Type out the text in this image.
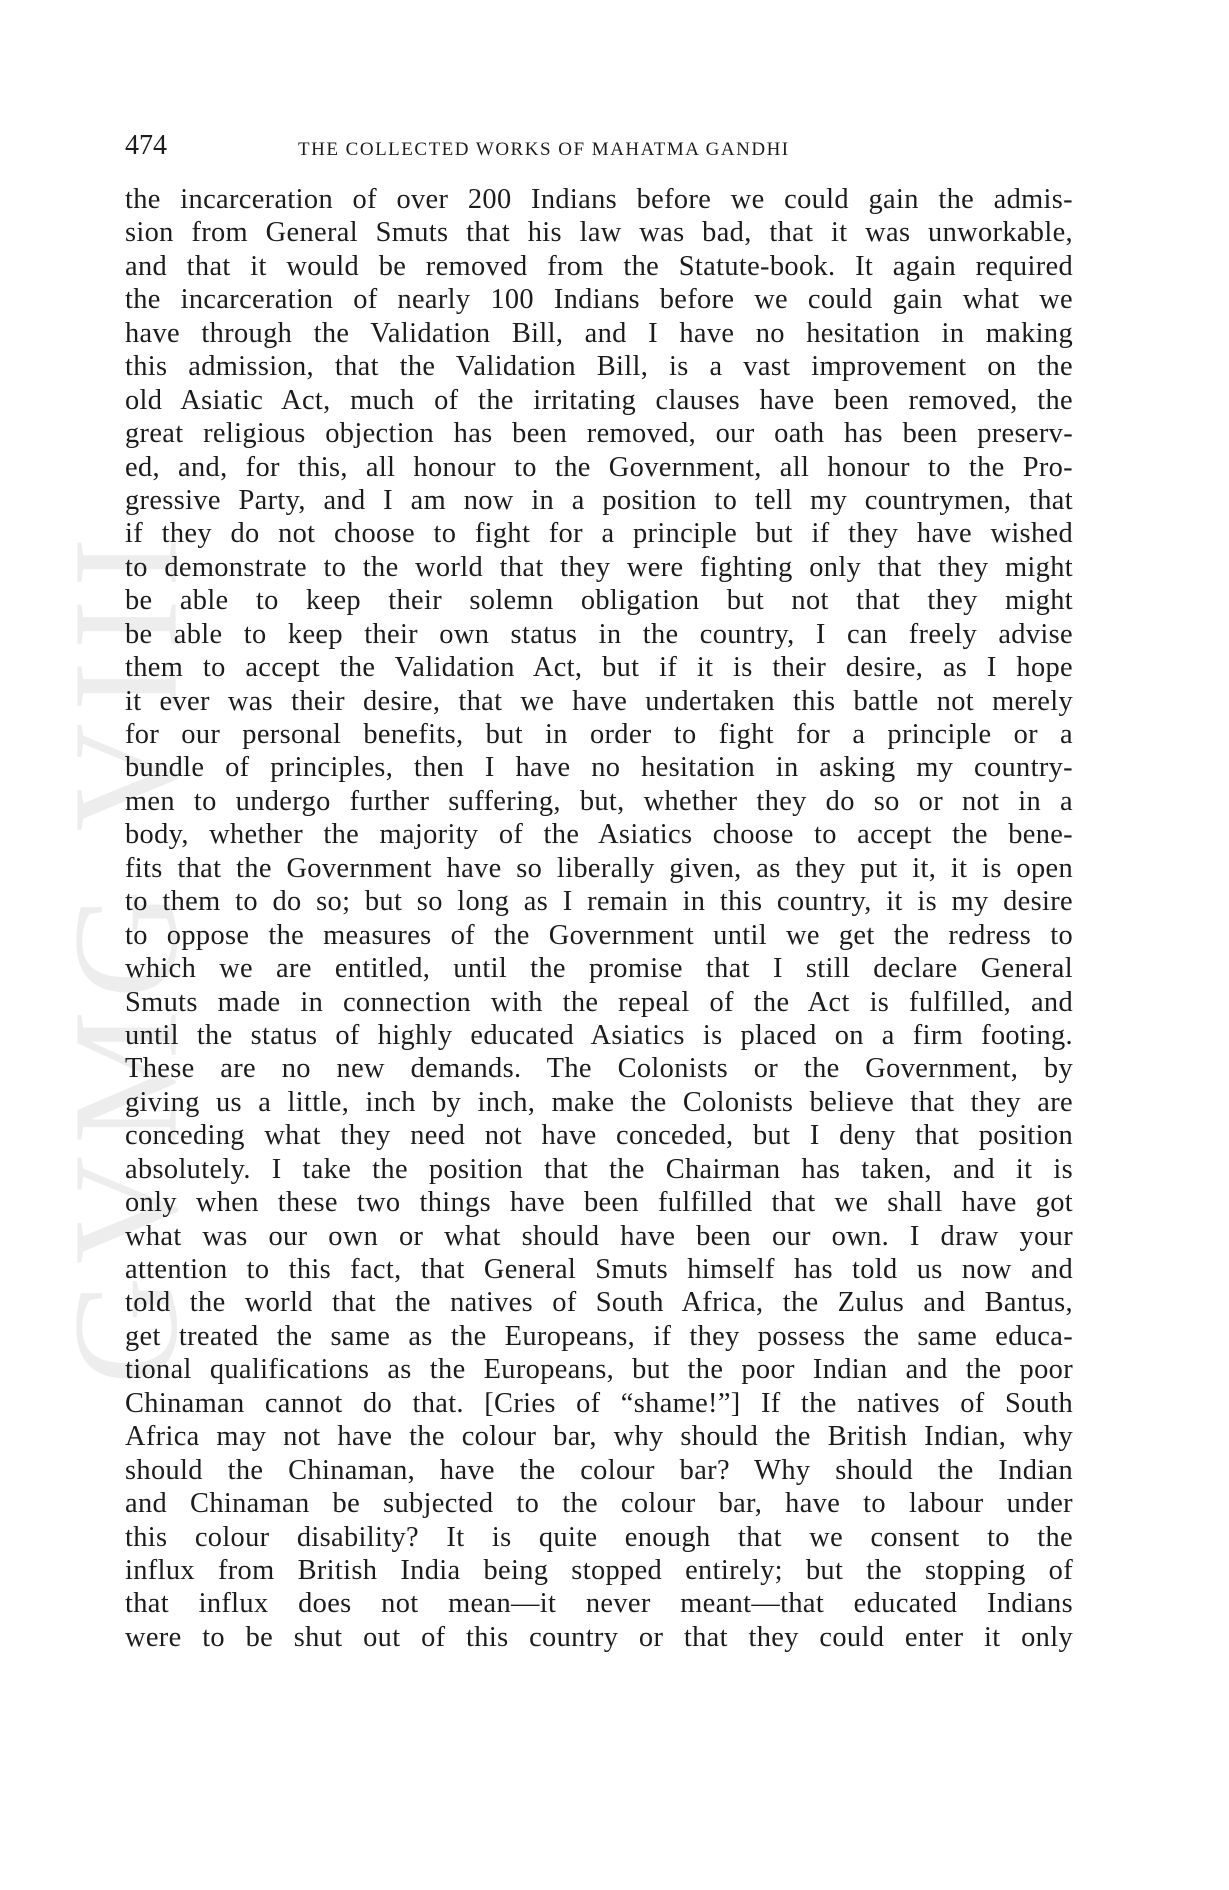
GVMG VIII
474	THE COLLECTED WORKS OF MAHATMA GANDHI
the incarceration of over 200 Indians before we could gain the admis-
sion from General Smuts that his law was bad, that it was unworkable,
and that it would be removed from the Statute-book. It again required
the incarceration of nearly 100 Indians before we could gain what we
have through the Validation Bill, and I have no hesitation in making
this admission, that the Validation Bill, is a vast improvement on the
old Asiatic Act, much of the irritating clauses have been removed, the
great religious objection has been removed, our oath has been preserv-
ed, and, for this, all honour to the Government, all honour to the Pro-
gressive Party, and I am now in a position to tell my countrymen, that
if they do not choose to fight for a principle but if they have wished
to demonstrate to the world that they were fighting only that they might
be able to keep their solemn obligation but not that they might
be able to keep their own status in the country, I can freely advise
them to accept the Validation Act, but if it is their desire, as I hope
it ever was their desire, that we have undertaken this battle not merely
for our personal benefits, but in order to fight for a principle or a
bundle of principles, then I have no hesitation in asking my country-
men to undergo further suffering, but, whether they do so or not in a
body, whether the majority of the Asiatics choose to accept the bene-
fits that the Government have so liberally given, as they put it, it is open
to them to do so; but so long as I remain in this country, it is my desire
to oppose the measures of the Government until we get the redress to
which we are entitled, until the promise that I still declare General
Smuts made in connection with the repeal of the Act is fulfilled, and
until the status of highly educated Asiatics is placed on a firm footing.
These are no new demands. The Colonists or the Government, by
giving us a little, inch by inch, make the Colonists believe that they are
conceding what they need not have conceded, but I deny that position
absolutely. I take the position that the Chairman has taken, and it is
only when these two things have been fulfilled that we shall have got
what was our own or what should have been our own. I draw your
attention to this fact, that General Smuts himself has told us now and
told the world that the natives of South Africa, the Zulus and Bantus,
get treated the same as the Europeans, if they possess the same educa-
tional qualifications as the Europeans, but the poor Indian and the poor
Chinaman cannot do that. [Cries of “shame!”] If the natives of South
Africa may not have the colour bar, why should the British Indian, why
should the Chinaman, have the colour bar? Why should the Indian
and Chinaman be subjected to the colour bar, have to labour under
this colour disability? It is quite enough that we consent to the
influx from British India being stopped entirely; but the stopping of
that influx does not mean—it never meant—that educated Indians
were to be shut out of this country or that they could enter it only
